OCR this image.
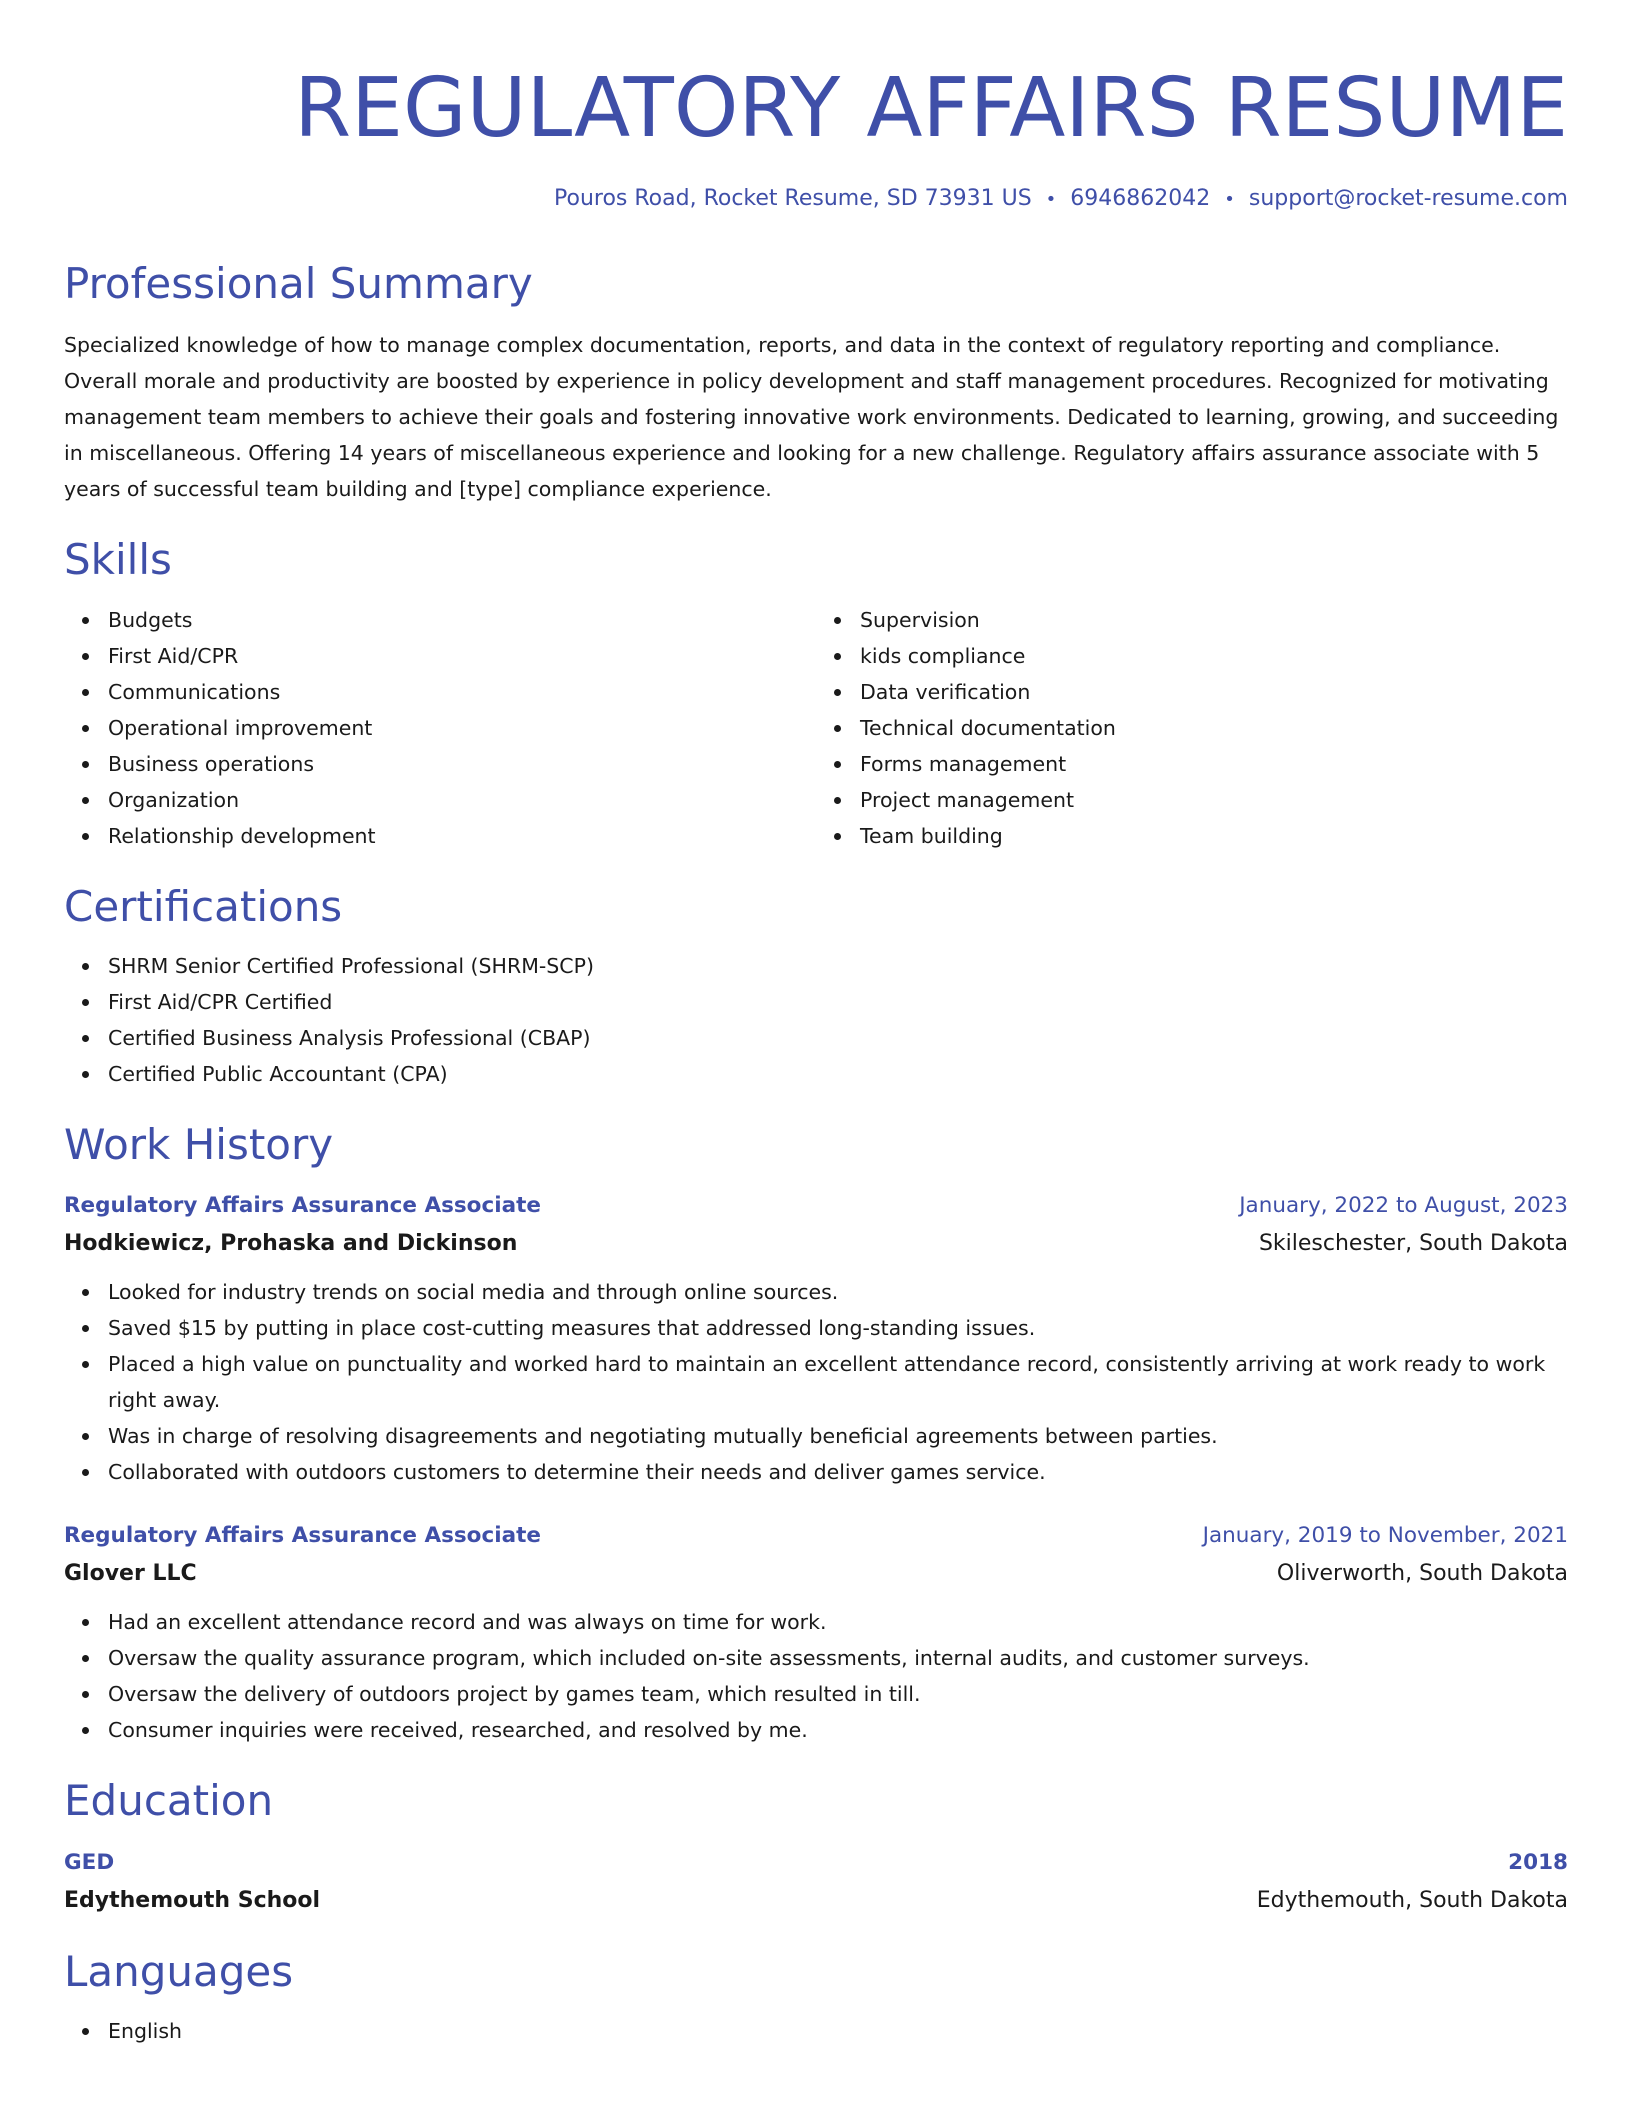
REGULATORY AFFAIRS RESUME
Pouros Road, Rocket Resume, SD 73931 US • 6946862042 • support@rocket-resume.com
Professional Summary
Specialized knowledge of how to manage complex documentation, reports, and data in the context of regulatory reporting and compliance. Overall morale and productivity are boosted by experience in policy development and staff management procedures. Recognized for motivating management team members to achieve their goals and fostering innovative work environments. Dedicated to learning, growing, and succeeding in miscellaneous. Offering 14 years of miscellaneous experience and looking for a new challenge. Regulatory affairs assurance associate with 5 years of successful team building and [type] compliance experience.
Skills
Budgets
First Aid/CPR
Communications
Operational improvement
Business operations
Organization
Relationship development
Supervision
kids compliance
Data verification
Technical documentation
Forms management
Project management
Team building
Certifications
SHRM Senior Certified Professional (SHRM-SCP)
First Aid/CPR Certified
Certified Business Analysis Professional (CBAP)
Certified Public Accountant (CPA)
Work History
Regulatory Affairs Assurance Associate	January, 2022 to August, 2023
Hodkiewicz, Prohaska and Dickinson	Skileschester, South Dakota
Looked for industry trends on social media and through online sources.
Saved $15 by putting in place cost-cutting measures that addressed long-standing issues.
Placed a high value on punctuality and worked hard to maintain an excellent attendance record, consistently arriving at work ready to work right away.
Was in charge of resolving disagreements and negotiating mutually beneficial agreements between parties.
Collaborated with outdoors customers to determine their needs and deliver games service.
Regulatory Affairs Assurance Associate	January, 2019 to November, 2021
Glover LLC	Oliverworth, South Dakota
Had an excellent attendance record and was always on time for work.
Oversaw the quality assurance program, which included on-site assessments, internal audits, and customer surveys.
Oversaw the delivery of outdoors project by games team, which resulted in till.
Consumer inquiries were received, researched, and resolved by me.
Education
GED	2018
Edythemouth School	Edythemouth, South Dakota
Languages
English
